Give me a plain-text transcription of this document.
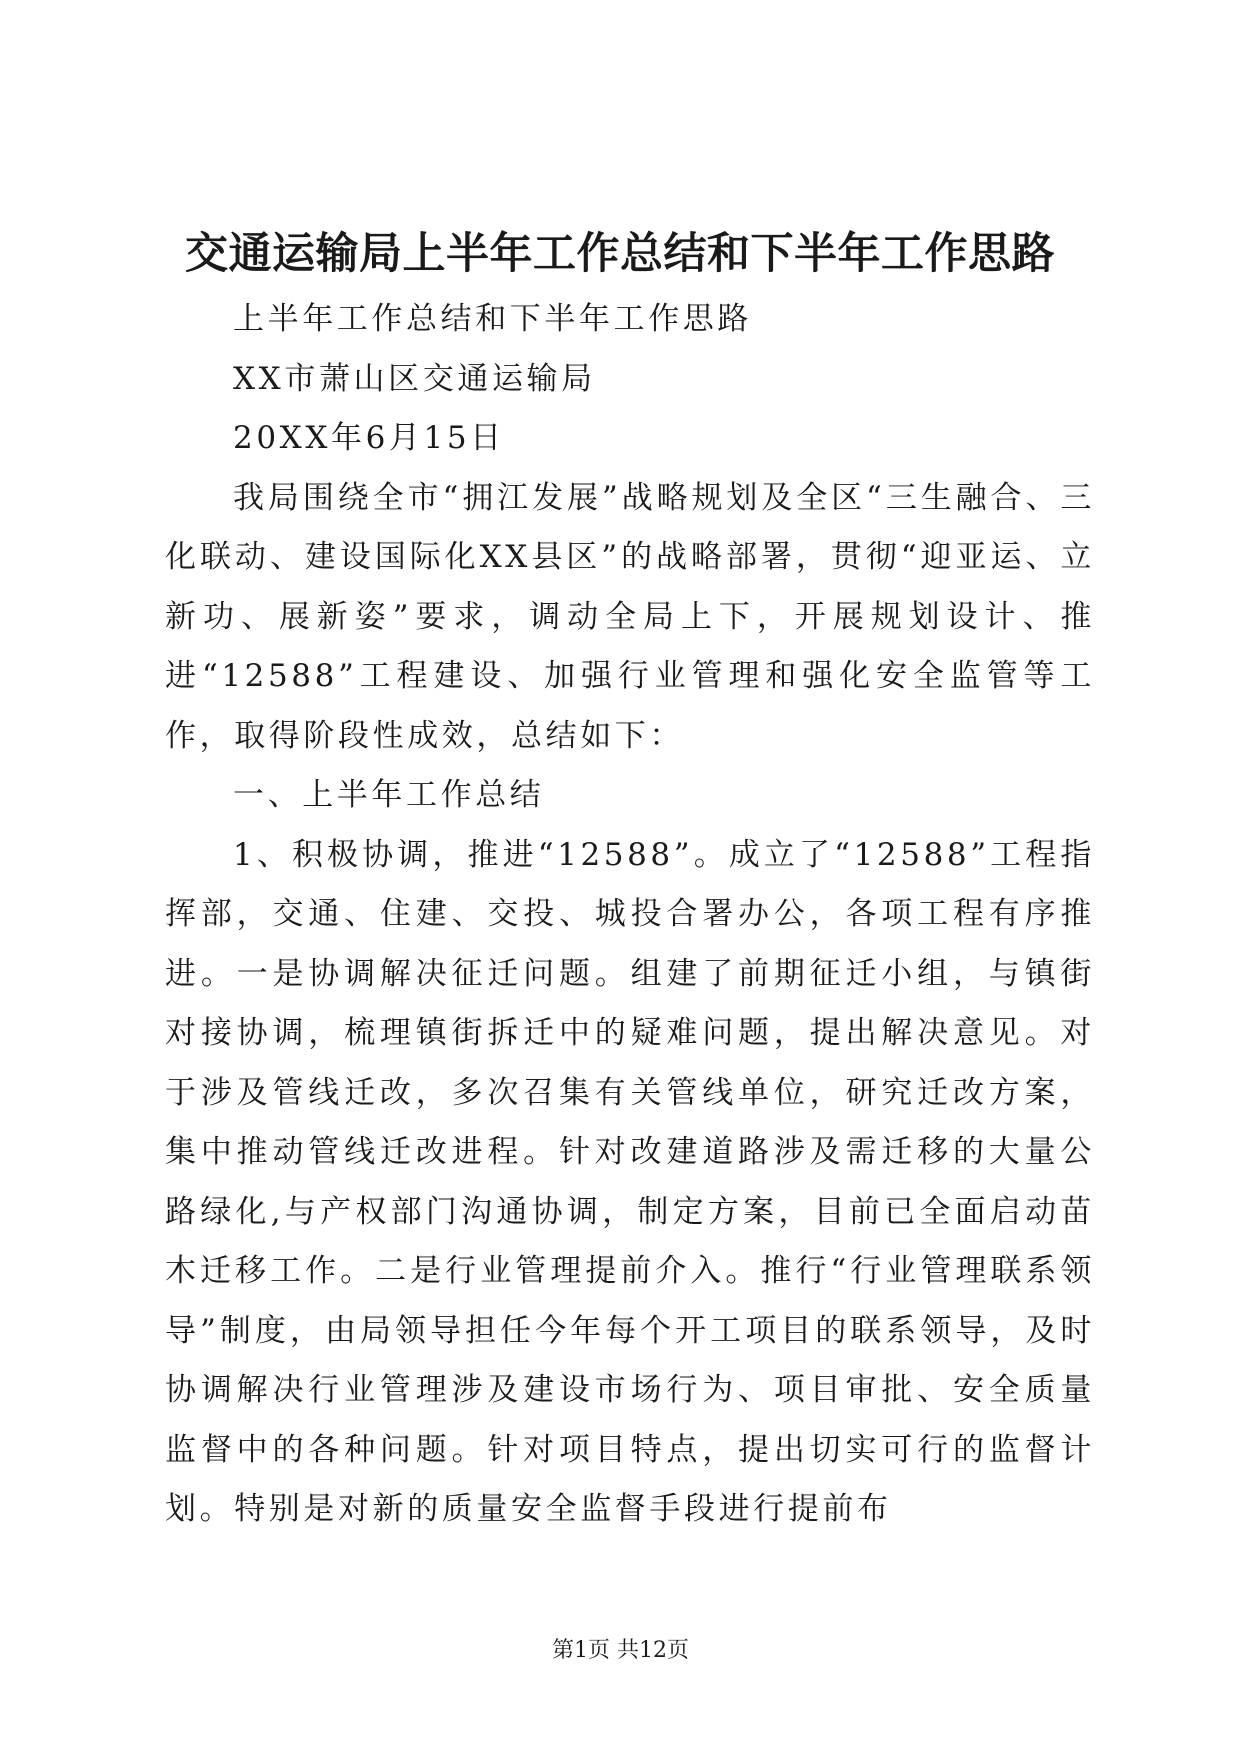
交通运输局上半年工作总结和下半年工作思路

上半年工作总结和下半年工作思路

XX市萧山区交通运输局

20XX年6月15日

我局围绕全市“拥江发展”战略规划及全区“三生融合、三化联动、建设国际化XX县区”的战略部署，贯彻“迎亚运、立新功、展新姿”要求，调动全局上下，开展规划设计、推进“12588”工程建设、加强行业管理和强化安全监管等工作，取得阶段性成效，总结如下：

一、上半年工作总结

1、积极协调，推进“12588”。成立了“12588”工程指挥部，交通、住建、交投、城投合署办公，各项工程有序推进。一是协调解决征迁问题。组建了前期征迁小组，与镇街对接协调，梳理镇街拆迁中的疑难问题，提出解决意见。对于涉及管线迁改，多次召集有关管线单位，研究迁改方案，集中推动管线迁改进程。针对改建道路涉及需迁移的大量公路绿化,与产权部门沟通协调，制定方案，目前已全面启动苗木迁移工作。二是行业管理提前介入。推行“行业管理联系领导”制度，由局领导担任今年每个开工项目的联系领导，及时协调解决行业管理涉及建设市场行为、项目审批、安全质量监督中的各种问题。针对项目特点，提出切实可行的监督计划。特别是对新的质量安全监督手段进行提前布

第1页 共12页
